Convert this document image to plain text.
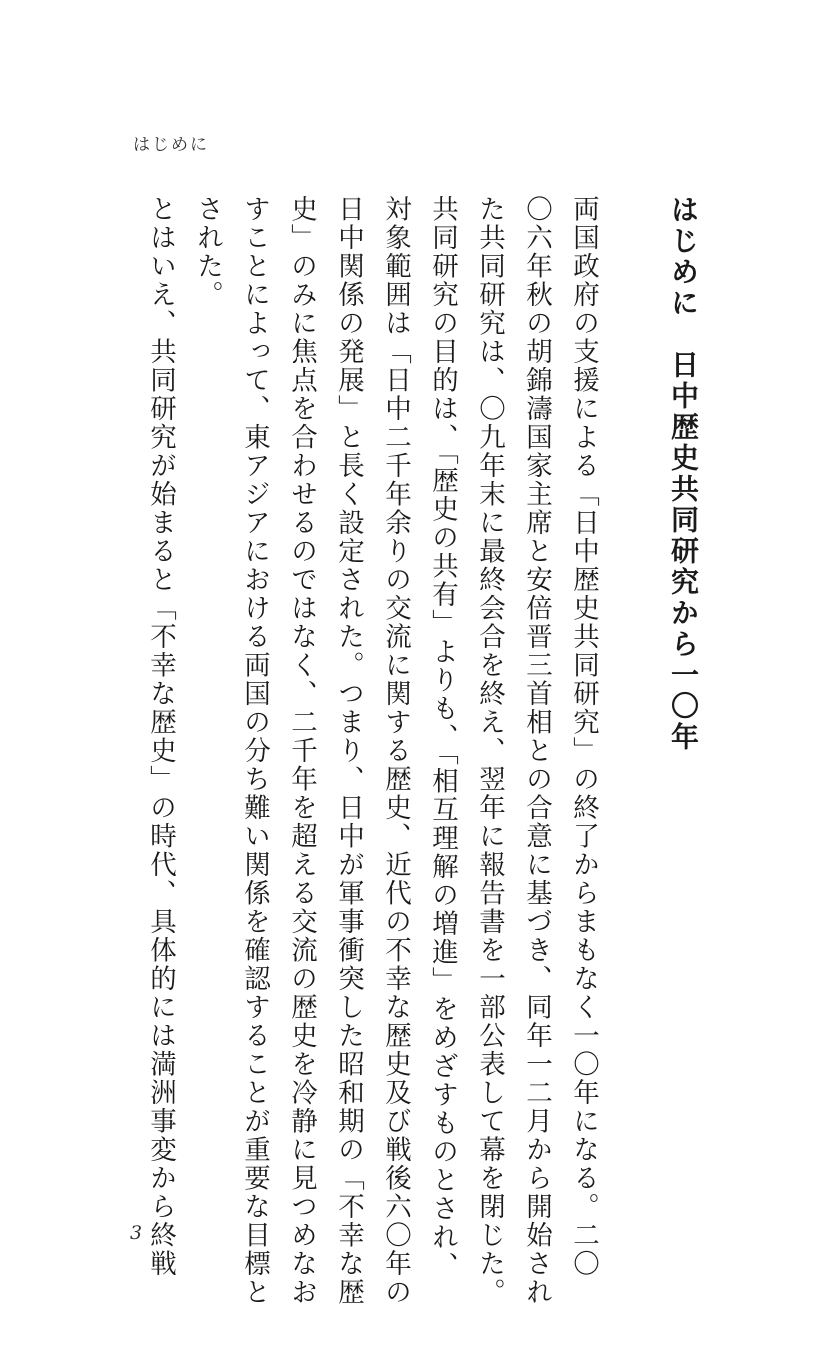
はじめに
はじめに　日中歴史共同研究から一〇年
両国政府の支援による「日中歴史共同研究」の終了からまもなく一〇年になる。二〇
〇六年秋の胡錦濤国家主席と安倍晋三首相との合意に基づき、同年一二月から開始され
た共同研究は、〇九年末に最終会合を終え、翌年に報告書を一部公表して幕を閉じた。
共同研究の目的は、「歴史の共有」よりも、「相互理解の増進」をめざすものとされ、
対象範囲は「日中二千年余りの交流に関する歴史、近代の不幸な歴史及び戦後六〇年の
日中関係の発展」と長く設定された。つまり、日中が軍事衝突した昭和期の「不幸な歴
史」のみに焦点を合わせるのではなく、二千年を超える交流の歴史を冷静に見つめなお
すことによって、東アジアにおける両国の分ち難い関係を確認することが重要な目標と
された。
とはいえ、共同研究が始まると「不幸な歴史」の時代、具体的には満洲事変から終戦
3
